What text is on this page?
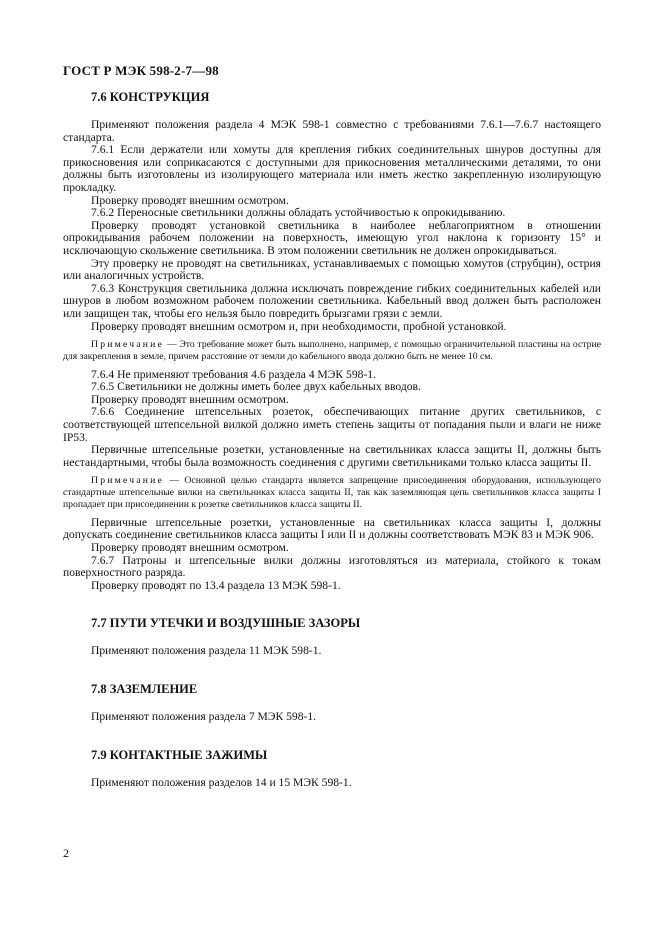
ГОСТ Р МЭК 598-2-7—98
7.6 КОНСТРУКЦИЯ
Применяют положения раздела 4 МЭК 598-1 совместно с требованиями 7.6.1—7.6.7 настоящего стандарта.
7.6.1 Если держатели или хомуты для крепления гибких соединительных шнуров доступны для прикосновения или соприкасаются с доступными для прикосновения металлическими деталями, то они должны быть изготовлены из изолирующего материала или иметь жестко закрепленную изолирующую прокладку.
Проверку проводят внешним осмотром.
7.6.2 Переносные светильники должны обладать устойчивостью к опрокидыванию.
Проверку проводят установкой светильника в наиболее неблагоприятном в отношении опрокидывания рабочем положении на поверхность, имеющую угол наклона к горизонту 15° и исключающую скольжение светильника. В этом положении светильник не должен опрокидываться.
Эту проверку не проводят на светильниках, устанавливаемых с помощью хомутов (струбцин), острия или аналогичных устройств.
7.6.3 Конструкция светильника должна исключать повреждение гибких соединительных кабелей или шнуров в любом возможном рабочем положении светильника. Кабельный ввод должен быть расположен или защищен так, чтобы его нельзя было повредить брызгами грязи с земли.
Проверку проводят внешним осмотром и, при необходимости, пробной установкой.
Примечание — Это требование может быть выполнено, например, с помощью ограничительной пластины на острие для закрепления в земле, причем расстояние от земли до кабельного ввода должно быть не менее 10 см.
7.6.4 Не применяют требования 4.6 раздела 4 МЭК 598-1.
7.6.5 Светильники не должны иметь более двух кабельных вводов.
Проверку проводят внешним осмотром.
7.6.6 Соединение штепсельных розеток, обеспечивающих питание других светильников, с соответствующей штепсельной вилкой должно иметь степень защиты от попадания пыли и влаги не ниже IP53.
Первичные штепсельные розетки, установленные на светильниках класса защиты II, должны быть нестандартными, чтобы была возможность соединения с другими светильниками только класса защиты II.
Примечание — Основной целью стандарта является запрещение присоединения оборудования, использующего стандартные штепсельные вилки на светильниках класса защиты II, так как заземляющая цепь светильников класса защиты I пропадает при присоединении к розетке светильников класса защиты II.
Первичные штепсельные розетки, установленные на светильниках класса защиты I, должны допускать соединение светильников класса защиты I или II и должны соответствовать МЭК 83 и МЭК 906.
Проверку проводят внешним осмотром.
7.6.7 Патроны и штепсельные вилки должны изготовляться из материала, стойкого к токам поверхностного разряда.
Проверку проводят по 13.4 раздела 13 МЭК 598-1.
7.7 ПУТИ УТЕЧКИ И ВОЗДУШНЫЕ ЗАЗОРЫ
Применяют положения раздела 11 МЭК 598-1.
7.8 ЗАЗЕМЛЕНИЕ
Применяют положения раздела 7 МЭК 598-1.
7.9 КОНТАКТНЫЕ ЗАЖИМЫ
Применяют положения разделов 14 и 15 МЭК 598-1.
2
